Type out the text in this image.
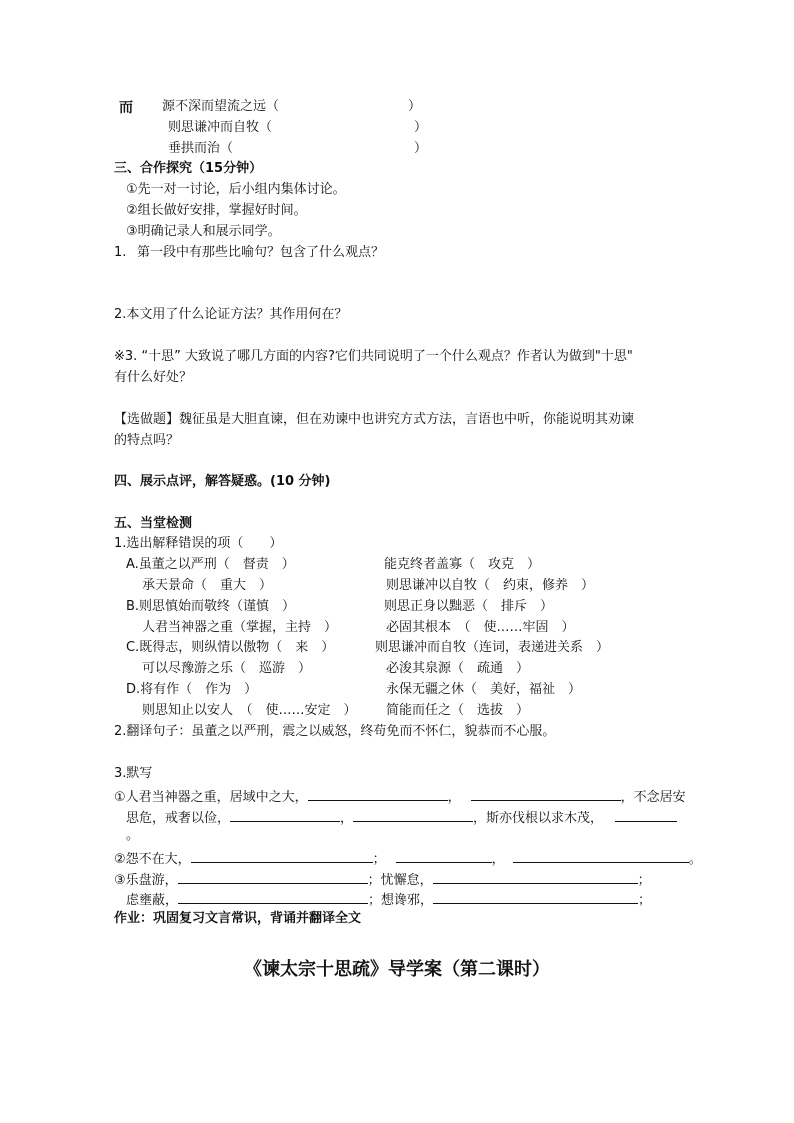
而 源不深而望流之远（	）
则思谦冲而自牧（	）
垂拱而治（	）
三、合作探究（15分钟）
①先一对一讨论，后小组内集体讨论。
②组长做好安排，掌握好时间。
③明确记录人和展示同学。
1. 第一段中有那些比喻句？包含了什么观点？
2.本文用了什么论证方法？其作用何在？
※3. “十思” 大致说了哪几方面的内容?它们共同说明了一个什么观点？作者认为做到"十思"
有什么好处？
【选做题】魏征虽是大胆直谏，但在劝谏中也讲究方式方法，言语也中听，你能说明其劝谏
的特点吗？
四、展示点评，解答疑惑。(10 分钟)
五、当堂检测
1.选出解释错误的项（　　）
A.虽董之以严刑（　督责　）	能克终者盖寡（　攻克　）
承天景命（　重大　）	则思谦冲以自牧（　约束，修养　）
B.则思慎始而敬终（谨慎　）	则思正身以黜恶（　排斥　）
人君当神器之重（掌握，主持　）	必固其根本　（　使……牢固　）
C.既得志，则纵情以傲物（　来　）	则思谦冲而自牧（连词，表递进关系　）
可以尽豫游之乐（　巡游　）	必浚其泉源（　疏通　）
D.将有作（　作为　）	永保无疆之休（　美好，福祉　）
则思知止以安人　（　使……安定　） 简能而任之（　选拔　）
2.翻译句子：虽董之以严刑，震之以威怒，终苟免而不怀仁，貌恭而不心服。
3.默写
①人君当神器之重，居域中之大，	，	，不念居安
思危，戒奢以俭，	，	，斯亦伐根以求木茂，
。
②怨不在大，	；	，	。
③乐盘游，	；忧懈怠，	；
虑壅蔽，	；想谗邪，	；
作业：巩固复习文言常识，背诵并翻译全文
《谏太宗十思疏》导学案（第二课时）
